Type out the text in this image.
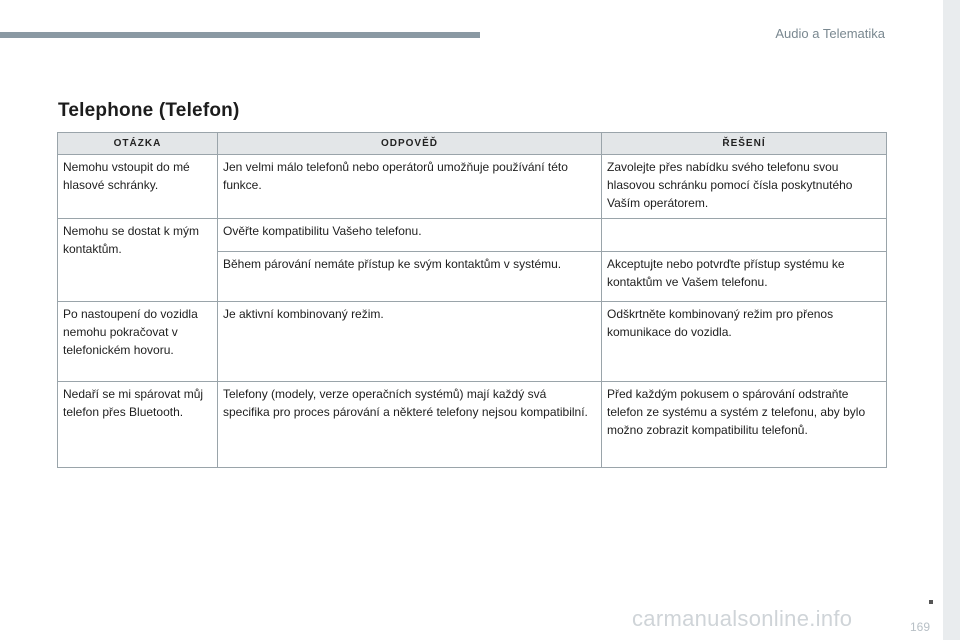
Audio a Telematika
Telephone (Telefon)
OTÁZKA	ODPOVĚĎ	ŘEŠENÍ
Nemohu vstoupit do mé hlasové schránky.	Jen velmi málo telefonů nebo operátorů umožňuje používání této funkce.	Zavolejte přes nabídku svého telefonu svou hlasovou schránku pomocí čísla poskytnutého Vaším operátorem.
Nemohu se dostat k mým kontaktům.	Ověřte kompatibilitu Vašeho telefonu.	
	Během párování nemáte přístup ke svým kontaktům v systému.	Akceptujte nebo potvrďte přístup systému ke kontaktům ve Vašem telefonu.
Po nastoupení do vozidla nemohu pokračovat v telefonickém hovoru.	Je aktivní kombinovaný režim.	Odškrtněte kombinovaný režim pro přenos komunikace do vozidla.
Nedaří se mi spárovat můj telefon přes Bluetooth.	Telefony (modely, verze operačních systémů) mají každý svá specifika pro proces párování a některé telefony nejsou kompatibilní.	Před každým pokusem o spárování odstraňte telefon ze systému a systém z telefonu, aby bylo možno zobrazit kompatibilitu telefonů.
carmanualsonline.info	169
